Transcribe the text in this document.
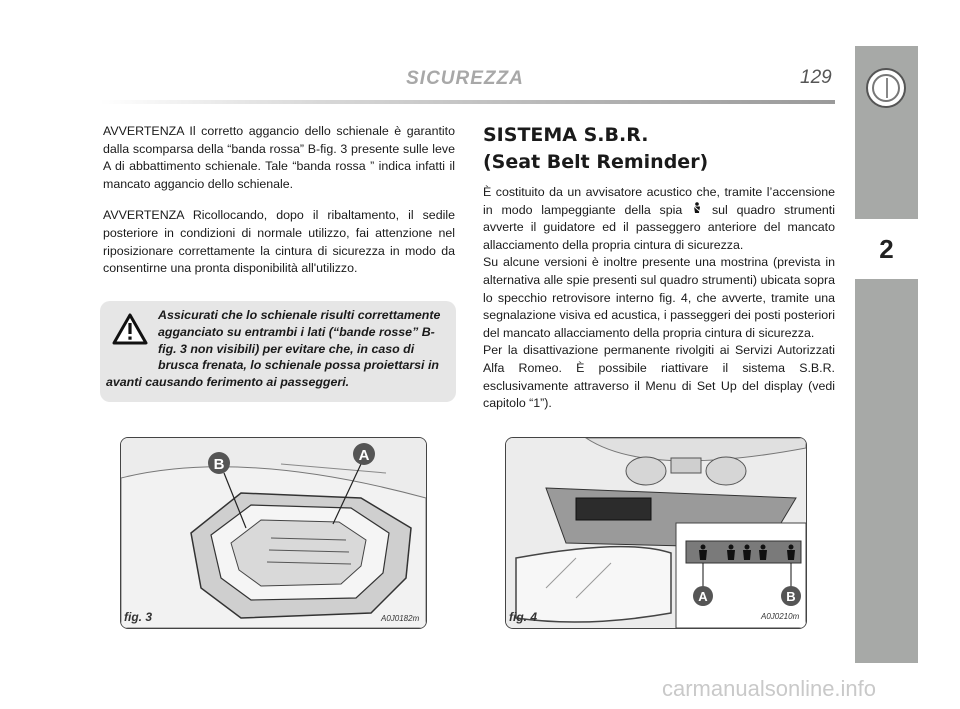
SICUREZZA	129
2

AVVERTENZA Il corretto aggancio dello schienale è garantito dalla scomparsa della “banda rossa” B-fig. 3 presente sulle leve A di abbattimento schienale. Tale “banda rossa ” indica infatti il mancato aggancio dello schienale.

AVVERTENZA Ricollocando, dopo il ribaltamento, il sedile posteriore in condizioni di normale utilizzo, fai attenzione nel riposizionare correttamente la cintura di sicurezza in modo da consentirne una pronta disponibilità all'utilizzo.

Assicurati che lo schienale risulti correttamente agganciato su entrambi i lati (“bande rosse” B-fig. 3 non visibili) per evitare che, in caso di brusca frenata, lo schienale possa proiettarsi in avanti causando ferimento ai passeggeri.
SISTEMA S.B.R.
(Seat Belt Reminder)

È costituito da un avvisatore acustico che, tramite l’accensione in modo lampeggiante della spia sul quadro strumenti avverte il guidatore ed il passeggero anteriore del mancato allacciamento della propria cintura di sicurezza.

Su alcune versioni è inoltre presente una mostrina (prevista in alternativa alle spie presenti sul quadro strumenti) ubicata sopra lo specchio retrovisore interno fig. 4, che avverte, tramite una segnalazione visiva ed acustica, i passeggeri dei posti posteriori del mancato allacciamento della propria cintura di sicurezza.

Per la disattivazione permanente rivolgiti ai Servizi Autorizzati Alfa Romeo. È possibile riattivare il sistema S.B.R. esclusivamente attraverso il Menu di Set Up del display (vedi capitolo “1”).

B
A
fig. 3	A0J0182m
A	B
fig. 4	A0J0210m
carmanualsonline.info
